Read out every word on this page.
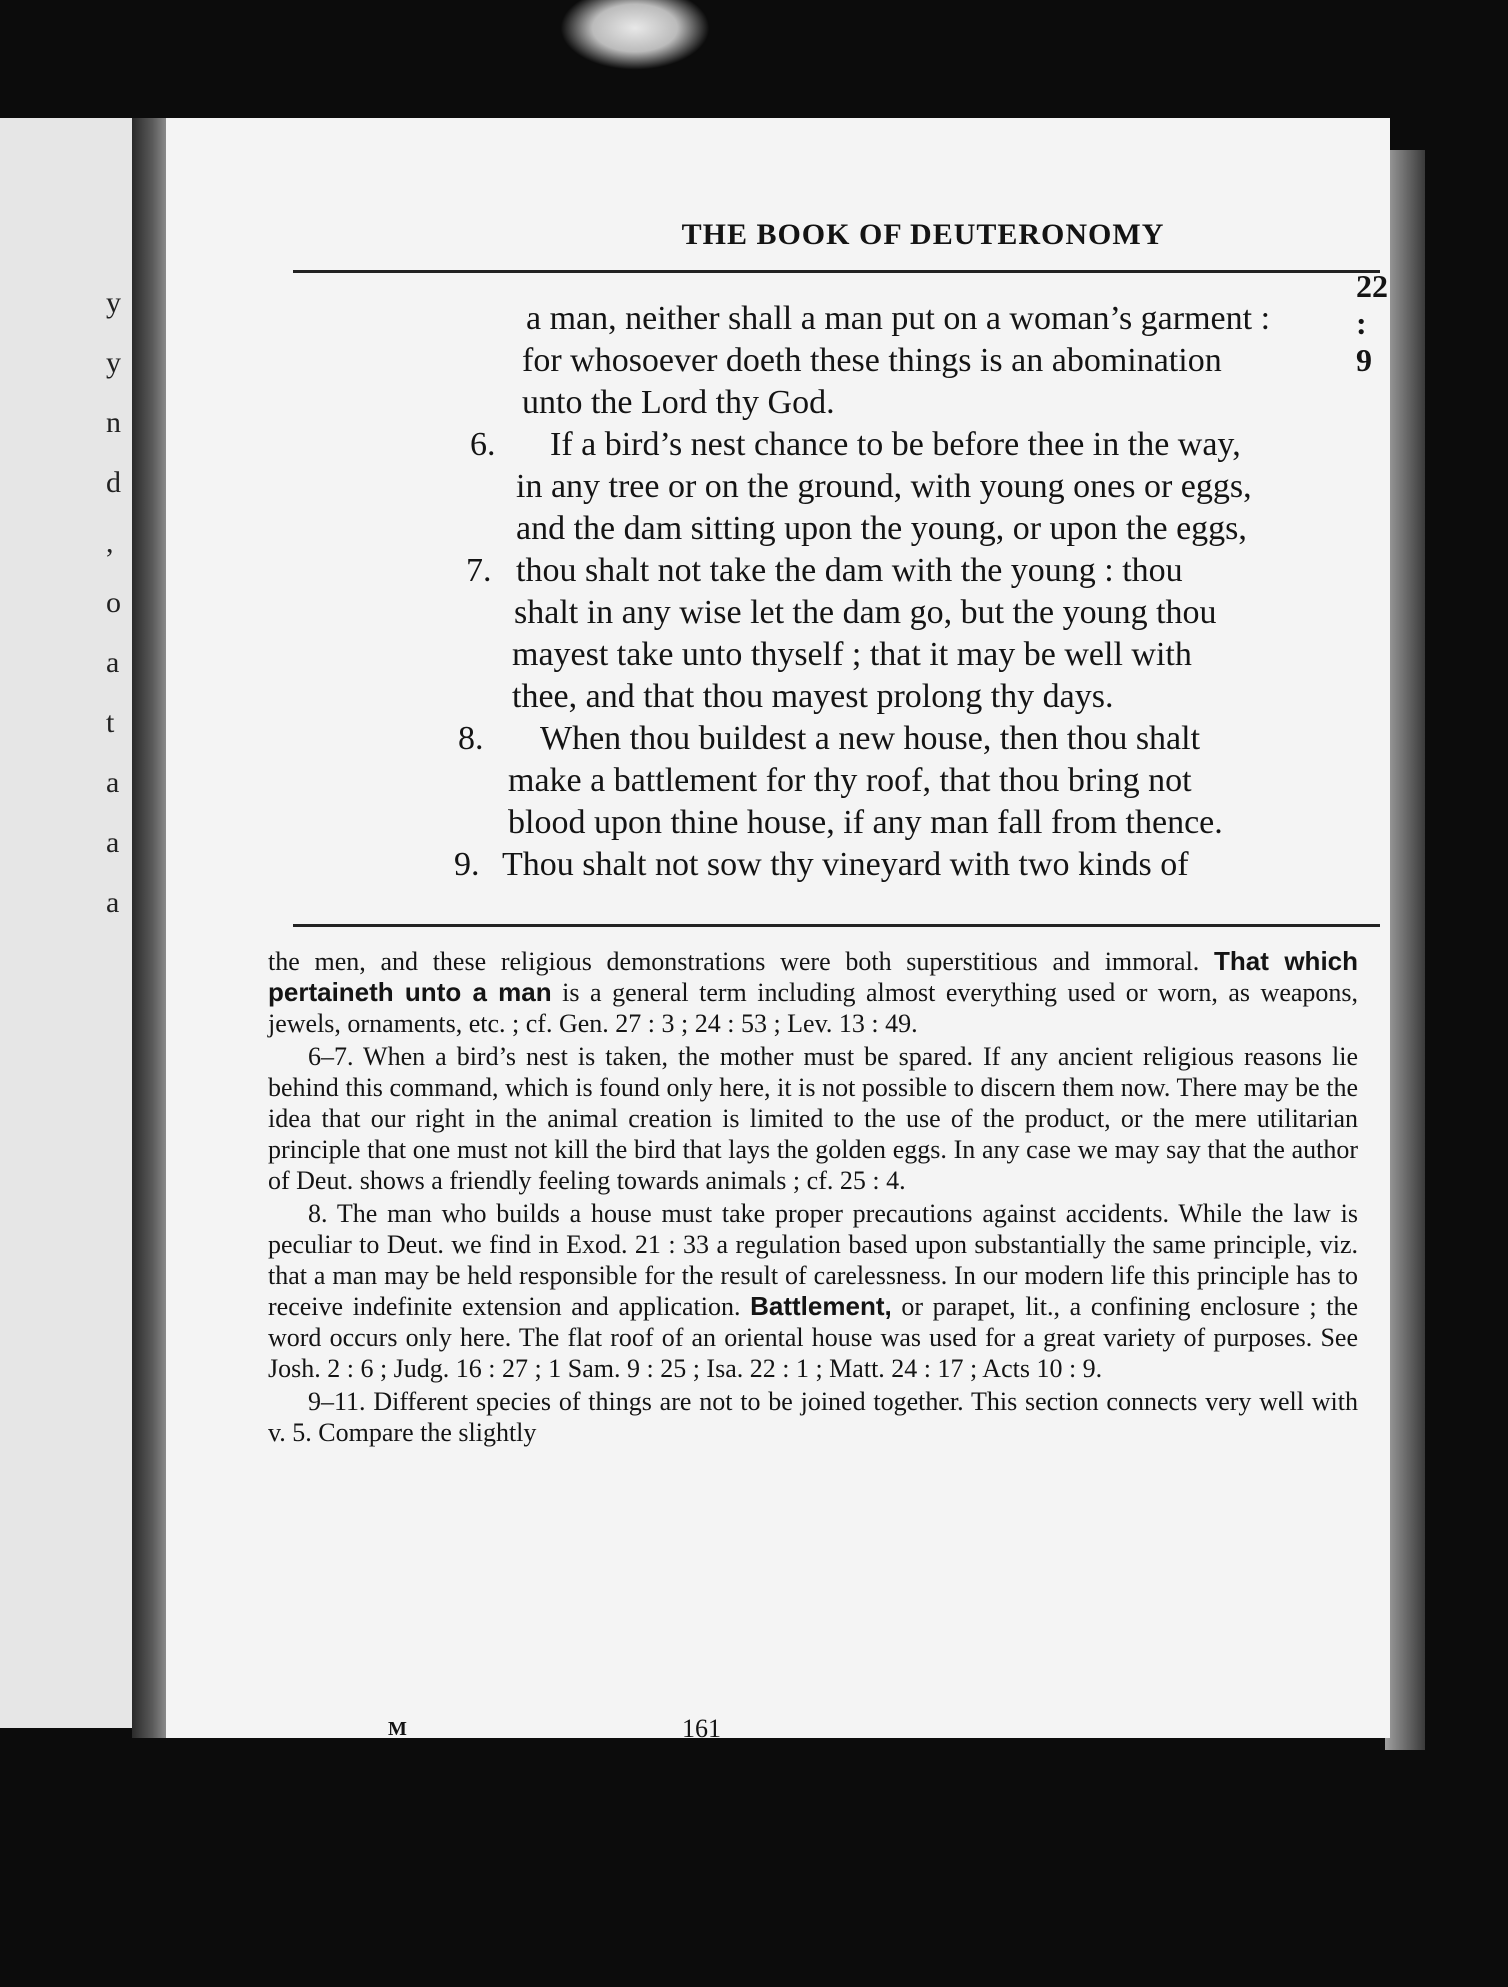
y
y
n
d
,
o
a
t
a
a
a
THE BOOK OF DEUTERONOMY
22 : 9
a man, neither shall a man put on a woman’s garment :
for whosoever doeth these things is an abomination
unto the Lord thy God.
6.	If a bird’s nest chance to be before thee in the way,
in any tree or on the ground, with young ones or eggs,
and the dam sitting upon the young, or upon the eggs,
7. thou shalt not take the dam with the young : thou
shalt in any wise let the dam go, but the young thou
mayest take unto thyself ; that it may be well with
thee, and that thou mayest prolong thy days.
8.	When thou buildest a new house, then thou shalt
make a battlement for thy roof, that thou bring not
blood upon thine house, if any man fall from thence.
9. Thou shalt not sow thy vineyard with two kinds of

the men, and these religious demonstrations were both superstitious and immoral. That which pertaineth unto a man is a general term including almost everything used or worn, as weapons, jewels, ornaments, etc. ; cf. Gen. 27 : 3 ; 24 : 53 ; Lev. 13 : 49.

6–7. When a bird’s nest is taken, the mother must be spared. If any ancient religious reasons lie behind this command, which is found only here, it is not possible to discern them now. There may be the idea that our right in the animal creation is limited to the use of the product, or the mere utilitarian principle that one must not kill the bird that lays the golden eggs. In any case we may say that the author of Deut. shows a friendly feeling towards animals ; cf. 25 : 4.

8. The man who builds a house must take proper precautions against accidents. While the law is peculiar to Deut. we find in Exod. 21 : 33 a regulation based upon substantially the same principle, viz. that a man may be held responsible for the result of carelessness. In our modern life this principle has to receive indefinite extension and application. Battlement, or parapet, lit., a confining enclosure ; the word occurs only here. The flat roof of an oriental house was used for a great variety of purposes. See Josh. 2 : 6 ; Judg. 16 : 27 ; 1 Sam. 9 : 25 ; Isa. 22 : 1 ; Matt. 24 : 17 ; Acts 10 : 9.

9–11. Different species of things are not to be joined together. This section connects very well with v. 5. Compare the slightly

M	161
